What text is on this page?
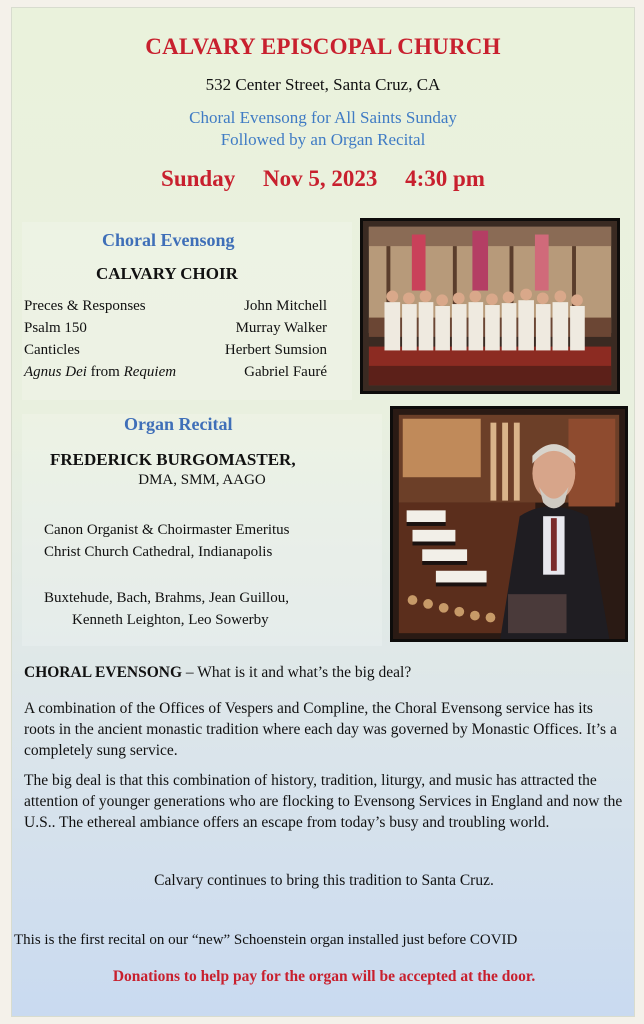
CALVARY EPISCOPAL CHURCH
532 Center Street, Santa Cruz, CA
Choral Evensong for All Saints Sunday
Followed by an Organ Recital
Sunday Nov 5, 2023 4:30 pm
Choral Evensong
CALVARY CHOIR
Preces & Responses	John Mitchell
Psalm 150	Murray Walker
Canticles	Herbert Sumsion
Agnus Dei from Requiem	Gabriel Fauré
Organ Recital
FREDERICK BURGOMASTER,
DMA, SMM, AAGO
Canon Organist & Choirmaster Emeritus
Christ Church Cathedral, Indianapolis
Buxtehude, Bach, Brahms, Jean Guillou,
Kenneth Leighton, Leo Sowerby
CHORAL EVENSONG – What is it and what’s the big deal?
A combination of the Offices of Vespers and Compline, the Choral Evensong service has its roots in the ancient monastic tradition where each day was governed by Monastic Offices. It’s a completely sung service.
The big deal is that this combination of history, tradition, liturgy, and music has attracted the attention of younger generations who are flocking to Evensong Services in England and now the U.S.. The ethereal ambiance offers an escape from today’s busy and troubling world.
Calvary continues to bring this tradition to Santa Cruz.
This is the first recital on our “new” Schoenstein organ installed just before COVID
Donations to help pay for the organ will be accepted at the door.
